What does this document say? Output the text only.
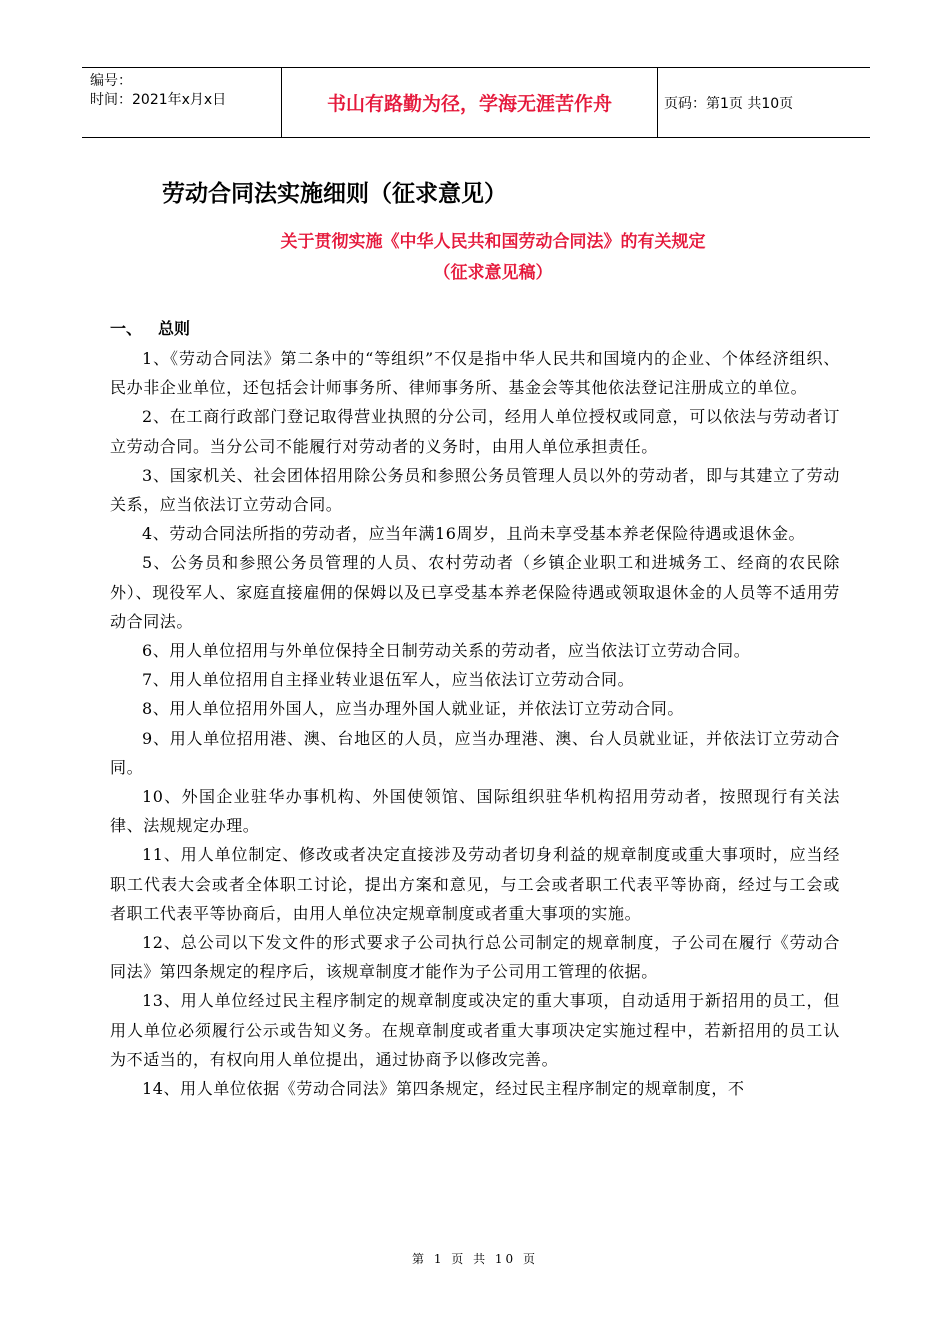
编号：
时间：2021年x月x日	书山有路勤为径，学海无涯苦作舟	页码：第1页 共10页
劳动合同法实施细则（征求意见）
关于贯彻实施《中华人民共和国劳动合同法》的有关规定
（征求意见稿）
一、 总则

1、《劳动合同法》第二条中的“等组织”不仅是指中华人民共和国境内的企业、个体经济组织、民办非企业单位，还包括会计师事务所、律师事务所、基金会等其他依法登记注册成立的单位。

2、在工商行政部门登记取得营业执照的分公司，经用人单位授权或同意，可以依法与劳动者订立劳动合同。当分公司不能履行对劳动者的义务时，由用人单位承担责任。

3、国家机关、社会团体招用除公务员和参照公务员管理人员以外的劳动者，即与其建立了劳动关系，应当依法订立劳动合同。

4、劳动合同法所指的劳动者，应当年满16周岁，且尚未享受基本养老保险待遇或退休金。

5、公务员和参照公务员管理的人员、农村劳动者（乡镇企业职工和进城务工、经商的农民除外）、现役军人、家庭直接雇佣的保姆以及已享受基本养老保险待遇或领取退休金的人员等不适用劳动合同法。

6、用人单位招用与外单位保持全日制劳动关系的劳动者，应当依法订立劳动合同。

7、用人单位招用自主择业转业退伍军人，应当依法订立劳动合同。

8、用人单位招用外国人，应当办理外国人就业证，并依法订立劳动合同。

9、用人单位招用港、澳、台地区的人员，应当办理港、澳、台人员就业证，并依法订立劳动合同。

10、外国企业驻华办事机构、外国使领馆、国际组织驻华机构招用劳动者，按照现行有关法律、法规规定办理。

11、用人单位制定、修改或者决定直接涉及劳动者切身利益的规章制度或重大事项时，应当经职工代表大会或者全体职工讨论，提出方案和意见，与工会或者职工代表平等协商，经过与工会或者职工代表平等协商后，由用人单位决定规章制度或者重大事项的实施。

12、总公司以下发文件的形式要求子公司执行总公司制定的规章制度，子公司在履行《劳动合同法》第四条规定的程序后，该规章制度才能作为子公司用工管理的依据。

13、用人单位经过民主程序制定的规章制度或决定的重大事项，自动适用于新招用的员工，但用人单位必须履行公示或告知义务。在规章制度或者重大事项决定实施过程中，若新招用的员工认为不适当的，有权向用人单位提出，通过协商予以修改完善。

14、用人单位依据《劳动合同法》第四条规定，经过民主程序制定的规章制度，不

第 1 页 共 10 页
